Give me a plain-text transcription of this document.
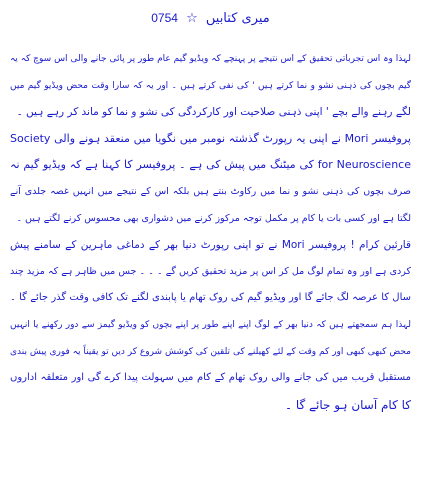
میری کتابیں ☆ 0754
لہذا وہ اس تجرباتی تحقیق کے اس نتیجے پر پہنچے کہ ویڈیو گیم عام طور پر پائی جانے والی اس سوچ کہ یہ
گیم بچوں کی ذہنی نشو و نما کرتے ہیں ' کی نفی کرتے ہیں ۔ اور یہ کہ سارا وقت محض ویڈیو گیم میں
لگے رہنے والے بچے ' اپنی ذہنی صلاحیت اور کارکردگی کی نشو و نما کو ماند کر رہے ہیں ۔
پروفیسر Mori نے اپنی یہ رپورٹ گذشتہ نومبر میں نگویا میں منعقد ہونے والی Society
for Neuroscience کی میٹنگ میں پیش کی ہے ۔ پروفیسر کا کہنا ہے کہ ویڈیو گیم نہ
صرف بچوں کی ذہنی نشو و نما میں رکاوٹ بنتے ہیں بلکہ اس کے نتیجے میں انہیں غصہ جلدی آنے
لگتا ہے اور کسی بات یا کام پر مکمل توجہ مرکوز کرنے میں دشواری بھی محسوس کرنے لگتے ہیں ۔
قارئین کرام ! پروفیسر Mori نے تو اپنی رپورٹ دنیا بھر کے دماغی ماہرین کے سامنے پیش
کردی ہے اور وہ تمام لوگ مل کر اس پر مزید تحقیق کریں گے ۔ ۔ ۔ جس میں ظاہر ہے کہ مزید چند
سال کا عرصہ لگ جائے گا اور ویڈیو گیم کی روک تھام یا پابندی لگنے تک کافی وقت گذر جائے گا ۔
لہذا ہم سمجھتے ہیں کہ دنیا بھر کے لوگ اپنے اپنے طور پر اپنے بچوں کو ویڈیو گیمز سے دور رکھنے یا انہیں
محض کبھی کبھی اور کم وقت کے لئے کھیلنے کی تلقین کی کوشش شروع کر دیں تو یقیناً یہ فوری پیش بندی
مستقبل قریب میں کی جانے والی روک تھام کے کام میں سہولت پیدا کرے گی اور متعلقہ اداروں
کا کام آسان ہو جائے گا ۔
